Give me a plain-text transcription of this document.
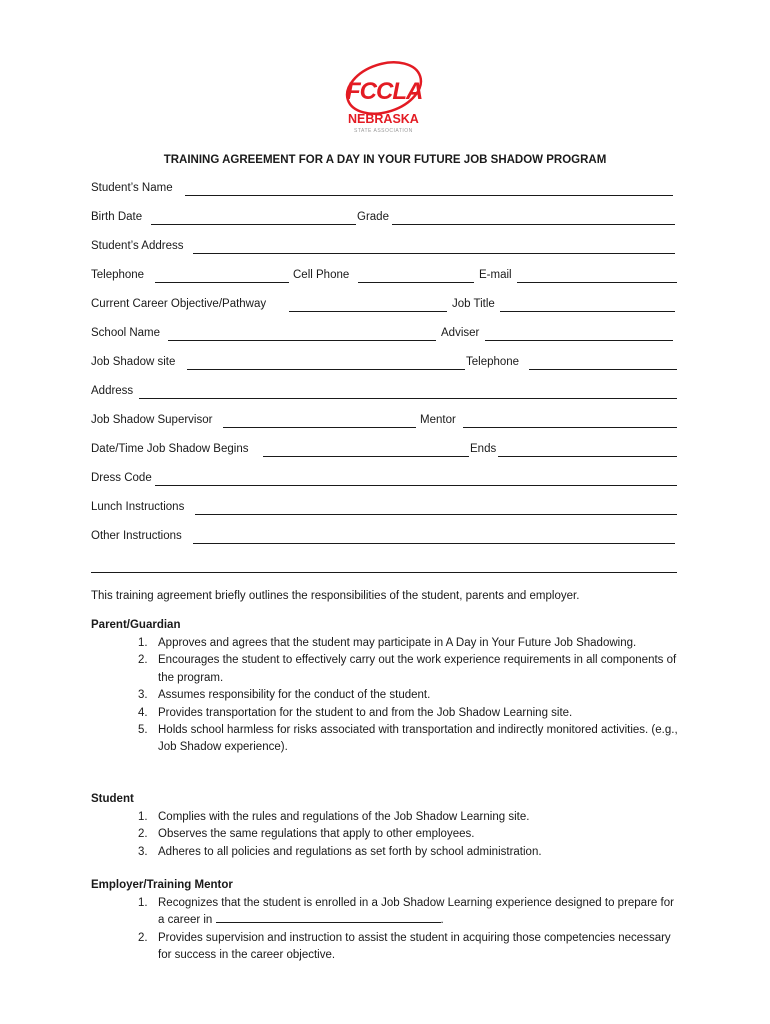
FCCLA
NEBRASKA
STATE ASSOCIATION
TRAINING AGREEMENT FOR A DAY IN YOUR FUTURE JOB SHADOW PROGRAM
Student’s Name
Birth Date	Grade
Student’s Address
Telephone	Cell Phone	E-mail
Current Career Objective/Pathway	Job Title
School Name	Adviser
Job Shadow site	Telephone
Address
Job Shadow Supervisor	Mentor
Date/Time Job Shadow Begins	Ends
Dress Code
Lunch Instructions
Other Instructions
This training agreement briefly outlines the responsibilities of the student, parents and employer.
Parent/Guardian
1. Approves and agrees that the student may participate in A Day in Your Future Job Shadowing.
2. Encourages the student to effectively carry out the work experience requirements in all components of the program.
3. Assumes responsibility for the conduct of the student.
4. Provides transportation for the student to and from the Job Shadow Learning site.
5. Holds school harmless for risks associated with transportation and indirectly monitored activities. (e.g., Job Shadow experience).
Student
1. Complies with the rules and regulations of the Job Shadow Learning site.
2. Observes the same regulations that apply to other employees.
3. Adheres to all policies and regulations as set forth by school administration.
Employer/Training Mentor
1. Recognizes that the student is enrolled in a Job Shadow Learning experience designed to prepare for a career in	.
2. Provides supervision and instruction to assist the student in acquiring those competencies necessary for success in the career objective.
